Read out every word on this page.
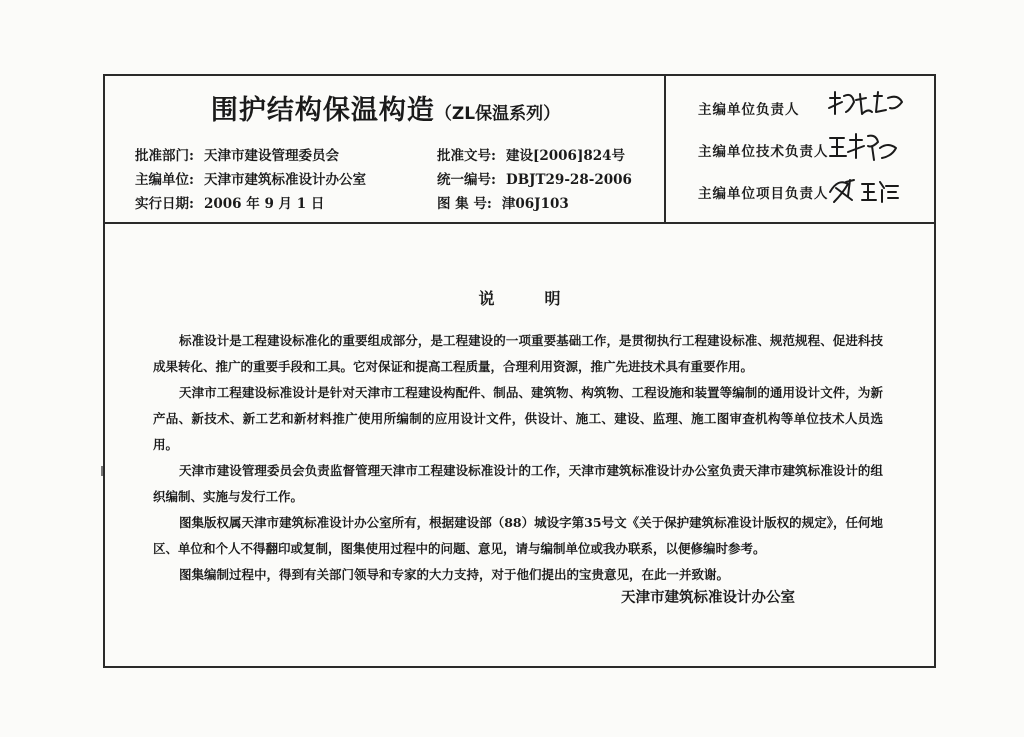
围护结构保温构造（ZL保温系列）
批准部门: 天津市建设管理委员会
主编单位: 天津市建筑标准设计办公室
实行日期: 2006 年 9 月 1 日
批准文号: 建设[2006]824号
统一编号: DBJT29-28-2006
图 集 号: 津06J103
主编单位负责人
主编单位技术负责人
主编单位项目负责人
说明

标准设计是工程建设标准化的重要组成部分，是工程建设的一项重要基础工作，是贯彻执行工程建设标准、规范规程、促进科技成果转化、推广的重要手段和工具。它对保证和提高工程质量，合理利用资源，推广先进技术具有重要作用。

天津市工程建设标准设计是针对天津市工程建设构配件、制品、建筑物、构筑物、工程设施和装置等编制的通用设计文件，为新产品、新技术、新工艺和新材料推广使用所编制的应用设计文件，供设计、施工、建设、监理、施工图审查机构等单位技术人员选用。

天津市建设管理委员会负责监督管理天津市工程建设标准设计的工作，天津市建筑标准设计办公室负责天津市建筑标准设计的组织编制、实施与发行工作。

图集版权属天津市建筑标准设计办公室所有，根据建设部（88）城设字第35号文《关于保护建筑标准设计版权的规定》，任何地区、单位和个人不得翻印或复制，图集使用过程中的问题、意见，请与编制单位或我办联系，以便修编时参考。

图集编制过程中，得到有关部门领导和专家的大力支持，对于他们提出的宝贵意见，在此一并致谢。

天津市建筑标准设计办公室
